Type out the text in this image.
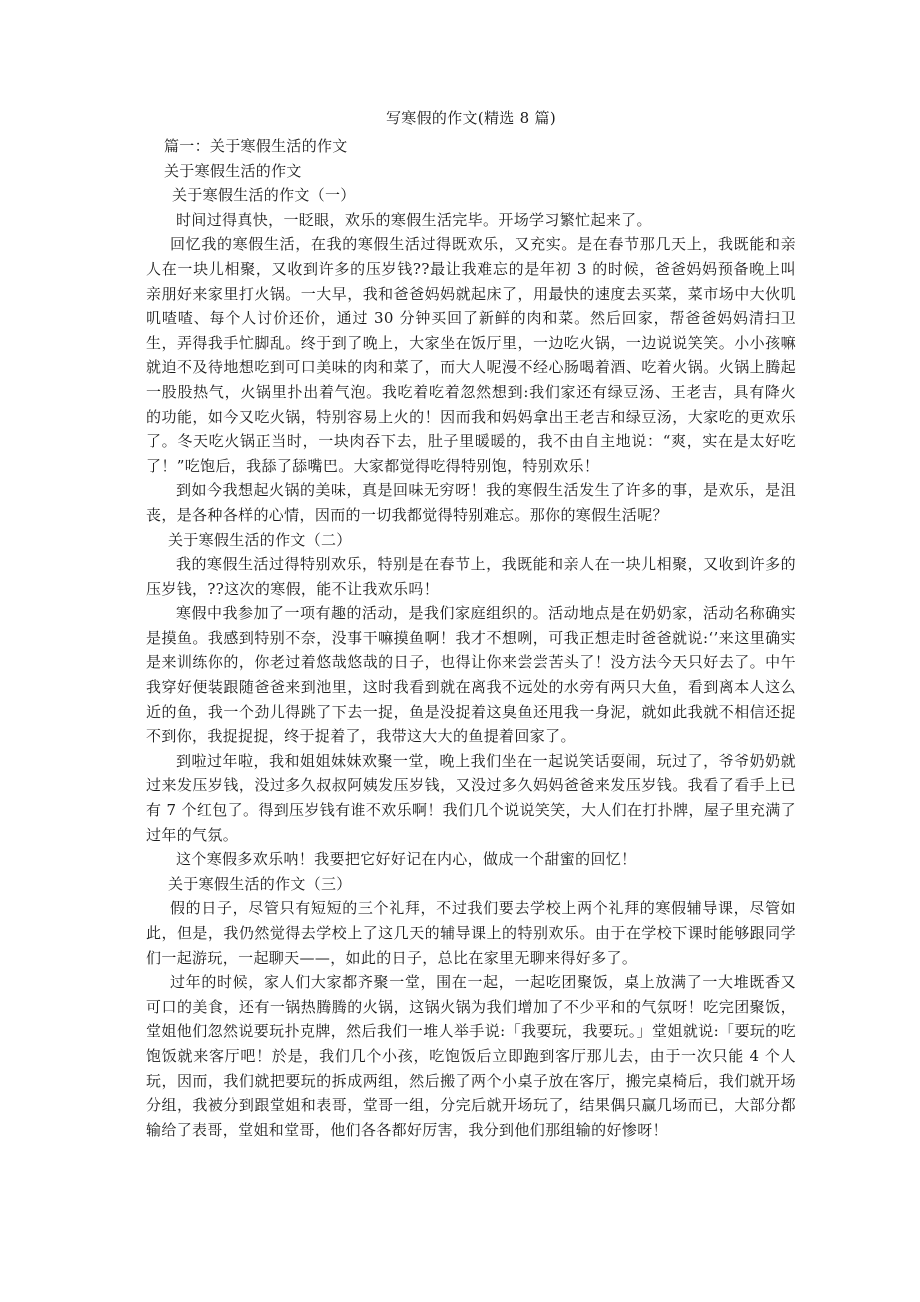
写寒假的作文(精选 8 篇)

篇一：关于寒假生活的作文

关于寒假生活的作文

关于寒假生活的作文（一）

时间过得真快，一眨眼，欢乐的寒假生活完毕。开场学习繁忙起来了。

回忆我的寒假生活，在我的寒假生活过得既欢乐，又充实。是在春节那几天上，我既能和亲人在一块儿相聚，又收到许多的压岁钱??最让我难忘的是年初 3 的时候，爸爸妈妈预备晚上叫亲朋好来家里打火锅。一大早，我和爸爸妈妈就起床了，用最快的速度去买菜，菜市场中大伙叽叽喳喳、每个人讨价还价，通过 30 分钟买回了新鲜的肉和菜。然后回家，帮爸爸妈妈清扫卫生，弄得我手忙脚乱。终于到了晚上，大家坐在饭厅里，一边吃火锅，一边说说笑笑。小小孩嘛就迫不及待地想吃到可口美味的肉和菜了，而大人呢漫不经心肠喝着酒、吃着火锅。火锅上腾起一股股热气，火锅里扑出着气泡。我吃着吃着忽然想到:我们家还有绿豆汤、王老吉，具有降火的功能，如今又吃火锅，特别容易上火的！因而我和妈妈拿出王老吉和绿豆汤，大家吃的更欢乐了。冬天吃火锅正当时，一块肉吞下去，肚子里暖暖的，我不由自主地说：“爽，实在是太好吃了！”吃饱后，我舔了舔嘴巴。大家都觉得吃得特别饱，特别欢乐！

到如今我想起火锅的美味，真是回味无穷呀！我的寒假生活发生了许多的事，是欢乐，是沮丧，是各种各样的心情，因而的一切我都觉得特别难忘。那你的寒假生活呢？

关于寒假生活的作文（二）

我的寒假生活过得特别欢乐，特别是在春节上，我既能和亲人在一块儿相聚，又收到许多的压岁钱，??这次的寒假，能不让我欢乐吗！

寒假中我参加了一项有趣的活动，是我们家庭组织的。活动地点是在奶奶家，活动名称确实是摸鱼。我感到特别不奈，没事干嘛摸鱼啊！我才不想咧，可我正想走时爸爸就说:‘’来这里确实是来训练你的，你老过着悠哉悠哉的日子，也得让你来尝尝苦头了！没方法今天只好去了。中午我穿好便装跟随爸爸来到池里，这时我看到就在离我不远处的水旁有两只大鱼，看到离本人这么近的鱼，我一个劲儿得跳了下去一捉，鱼是没捉着这臭鱼还甩我一身泥，就如此我就不相信还捉不到你，我捉捉捉，终于捉着了，我带这大大的鱼提着回家了。

到啦过年啦，我和姐姐妹妹欢聚一堂，晚上我们坐在一起说笑话耍闹，玩过了，爷爷奶奶就过来发压岁钱，没过多久叔叔阿姨发压岁钱，又没过多久妈妈爸爸来发压岁钱。我看了看手上已有 7 个红包了。得到压岁钱有谁不欢乐啊！我们几个说说笑笑，大人们在打扑牌，屋子里充满了过年的气氛。

这个寒假多欢乐呐！我要把它好好记在内心，做成一个甜蜜的回忆！

关于寒假生活的作文（三）

假的日子，尽管只有短短的三个礼拜，不过我们要去学校上两个礼拜的寒假辅导课，尽管如此，但是，我仍然觉得去学校上了这几天的辅导课上的特别欢乐。由于在学校下课时能够跟同学们一起游玩，一起聊天——，如此的日子，总比在家里无聊来得好多了。

过年的时候，家人们大家都齐聚一堂，围在一起，一起吃团聚饭，桌上放满了一大堆既香又可口的美食，还有一锅热腾腾的火锅，这锅火锅为我们增加了不少平和的气氛呀！吃完团聚饭，堂姐他们忽然说要玩扑克牌，然后我们一堆人举手说:「我要玩，我要玩。」堂姐就说:「要玩的吃饱饭就来客厅吧！於是，我们几个小孩，吃饱饭后立即跑到客厅那儿去，由于一次只能 4 个人玩，因而，我们就把要玩的拆成两组，然后搬了两个小桌子放在客厅，搬完桌椅后，我们就开场分组，我被分到跟堂姐和表哥，堂哥一组，分完后就开场玩了，结果偶只赢几场而已，大部分都输给了表哥，堂姐和堂哥，他们各各都好厉害，我分到他们那组输的好惨呀！
